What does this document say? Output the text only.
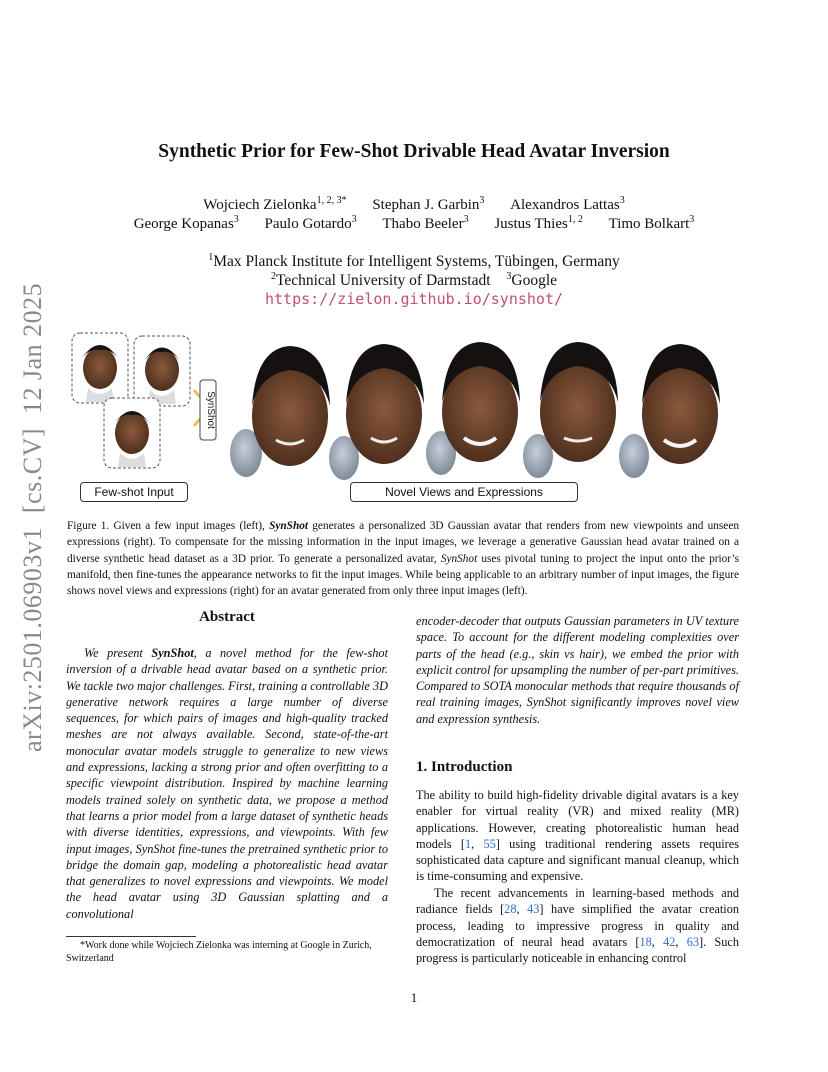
arXiv:2501.06903v1[cs.CV]12 Jan 2025
Synthetic Prior for Few-Shot Drivable Head Avatar Inversion
Wojciech Zielonka$^{1, 2, 3*}$ Stephan J. Garbin$^3$ Alexandros Lattas$^3$
George Kopanas$^3$ Paulo Gotardo$^3$ Thabo Beeler$^3$ Justus Thies$^{1, 2}$ Timo Bolkart$^3$
$^1$Max Planck Institute for Intelligent Systems, Tübingen, Germany
$^2$Technical University of Darmstadt $^3$Google
https://zielon.github.io/synshot/
SynShot
Few-shot Input	Novel Views and Expressions
Figure 1. Given a few input images (left), SynShot generates a personalized 3D Gaussian avatar that renders from new viewpoints and unseen expressions (right). To compensate for the missing information in the input images, we leverage a generative Gaussian head avatar trained on a diverse synthetic head dataset as a 3D prior. To generate a personalized avatar, SynShot uses pivotal tuning to project the input onto the prior’s manifold, then fine-tunes the appearance networks to fit the input images. While being applicable to an arbitrary number of input images, the figure shows novel views and expressions (right) for an avatar generated from only three input images (left).
Abstract
We present SynShot, a novel method for the few-shot inversion of a drivable head avatar based on a synthetic prior. We tackle two major challenges. First, training a controllable 3D generative network requires a large number of diverse sequences, for which pairs of images and high-quality tracked meshes are not always available. Second, state-of-the-art monocular avatar models struggle to generalize to new views and expressions, lacking a strong prior and often overfitting to a specific viewpoint distribution. Inspired by machine learning models trained solely on synthetic data, we propose a method that learns a prior model from a large dataset of synthetic heads with diverse identities, expressions, and viewpoints. With few input images, SynShot fine-tunes the pretrained synthetic prior to bridge the domain gap, modeling a photorealistic head avatar that generalizes to novel expressions and viewpoints. We model the head avatar using 3D Gaussian splatting and a convolutional
*Work done while Wojciech Zielonka was interning at Google in Zurich, Switzerland
encoder-decoder that outputs Gaussian parameters in UV texture space. To account for the different modeling complexities over parts of the head (e.g., skin vs hair), we embed the prior with explicit control for upsampling the number of per-part primitives. Compared to SOTA monocular methods that require thousands of real training images, SynShot significantly improves novel view and expression synthesis.
1. Introduction
The ability to build high-fidelity drivable digital avatars is a key enabler for virtual reality (VR) and mixed reality (MR) applications. However, creating photorealistic human head models [1, 55] using traditional rendering assets requires sophisticated data capture and significant manual cleanup, which is time-consuming and expensive.
The recent advancements in learning-based methods and radiance fields [28, 43] have simplified the avatar creation process, leading to impressive progress in quality and democratization of neural head avatars [18, 42, 63]. Such progress is particularly noticeable in enhancing control
1
